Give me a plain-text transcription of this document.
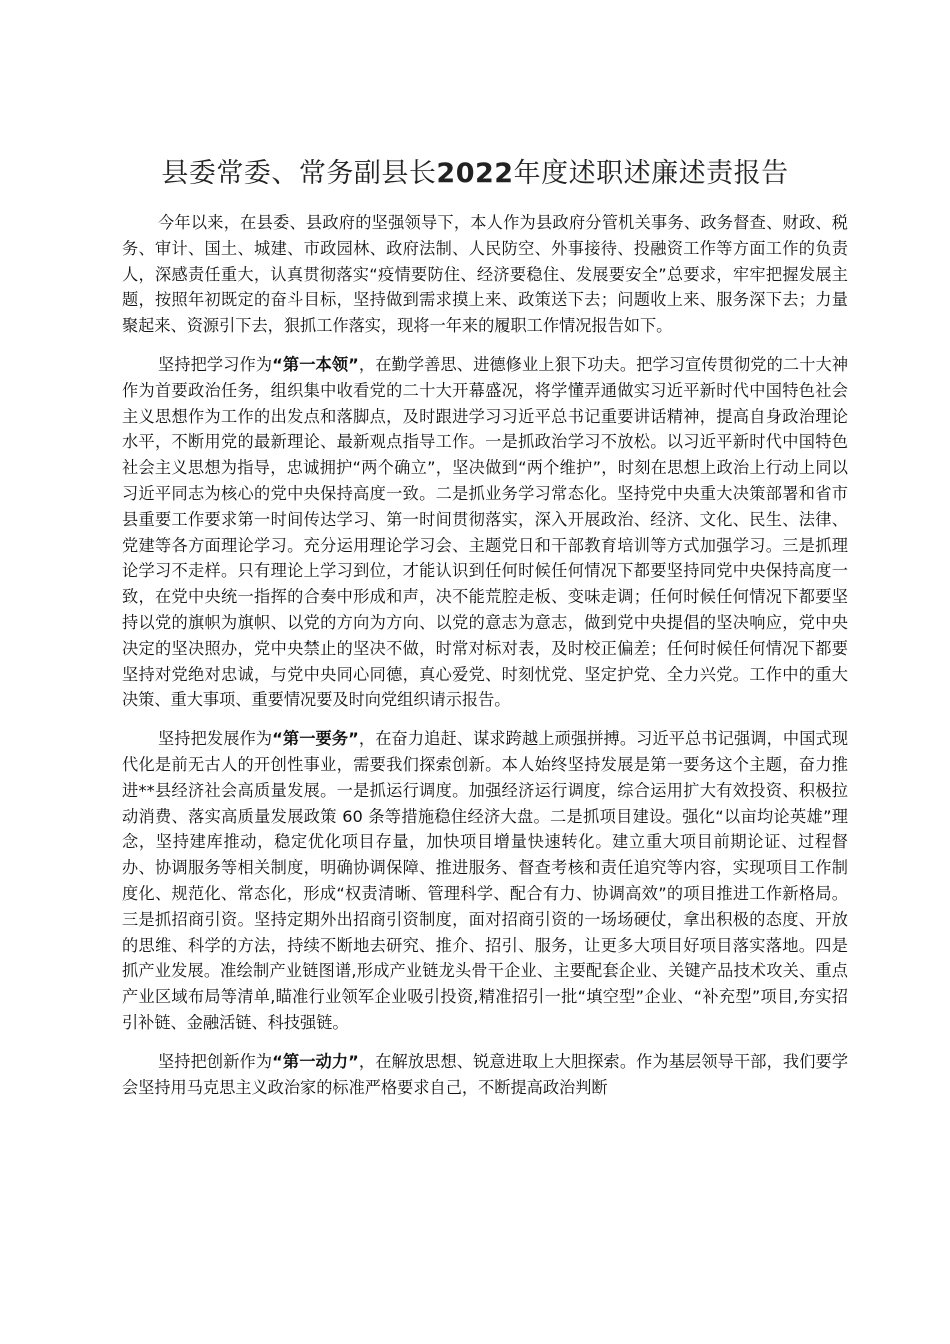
县委常委、常务副县长2022年度述职述廉述责报告

今年以来，在县委、县政府的坚强领导下，本人作为县政府分管机关事务、政务督查、财政、税务、审计、国土、城建、市政园林、政府法制、人民防空、外事接待、投融资工作等方面工作的负责人，深感责任重大，认真贯彻落实“疫情要防住、经济要稳住、发展要安全”总要求，牢牢把握发展主题，按照年初既定的奋斗目标，坚持做到需求摸上来、政策送下去；问题收上来、服务深下去；力量聚起来、资源引下去，狠抓工作落实，现将一年来的履职工作情况报告如下。

坚持把学习作为“第一本领”，在勤学善思、进德修业上狠下功夫。把学习宣传贯彻党的二十大神作为首要政治任务，组织集中收看党的二十大开幕盛况，将学懂弄通做实习近平新时代中国特色社会主义思想作为工作的出发点和落脚点，及时跟进学习习近平总书记重要讲话精神，提高自身政治理论水平，不断用党的最新理论、最新观点指导工作。一是抓政治学习不放松。以习近平新时代中国特色社会主义思想为指导，忠诚拥护“两个确立”，坚决做到“两个维护”，时刻在思想上政治上行动上同以习近平同志为核心的党中央保持高度一致。二是抓业务学习常态化。坚持党中央重大决策部署和省市县重要工作要求第一时间传达学习、第一时间贯彻落实，深入开展政治、经济、文化、民生、法律、党建等各方面理论学习。充分运用理论学习会、主题党日和干部教育培训等方式加强学习。三是抓理论学习不走样。只有理论上学习到位，才能认识到任何时候任何情况下都要坚持同党中央保持高度一致，在党中央统一指挥的合奏中形成和声，决不能荒腔走板、变味走调；任何时候任何情况下都要坚持以党的旗帜为旗帜、以党的方向为方向、以党的意志为意志，做到党中央提倡的坚决响应，党中央决定的坚决照办，党中央禁止的坚决不做，时常对标对表，及时校正偏差；任何时候任何情况下都要坚持对党绝对忠诚，与党中央同心同德，真心爱党、时刻忧党、坚定护党、全力兴党。工作中的重大决策、重大事项、重要情况要及时向党组织请示报告。

坚持把发展作为“第一要务”，在奋力追赶、谋求跨越上顽强拼搏。习近平总书记强调，中国式现代化是前无古人的开创性事业，需要我们探索创新。本人始终坚持发展是第一要务这个主题，奋力推进**县经济社会高质量发展。一是抓运行调度。加强经济运行调度，综合运用扩大有效投资、积极拉动消费、落实高质量发展政策 60 条等措施稳住经济大盘。二是抓项目建设。强化“以亩均论英雄”理念，坚持建库推动，稳定优化项目存量，加快项目增量快速转化。建立重大项目前期论证、过程督办、协调服务等相关制度，明确协调保障、推进服务、督查考核和责任追究等内容，实现项目工作制度化、规范化、常态化，形成“权责清晰、管理科学、配合有力、协调高效”的项目推进工作新格局。三是抓招商引资。坚持定期外出招商引资制度，面对招商引资的一场场硬仗，拿出积极的态度、开放的思维、科学的方法，持续不断地去研究、推介、招引、服务，让更多大项目好项目落实落地。四是抓产业发展。准绘制产业链图谱,形成产业链龙头骨干企业、主要配套企业、关键产品技术攻关、重点产业区域布局等清单,瞄准行业领军企业吸引投资,精准招引一批“填空型”企业、“补充型”项目,夯实招引补链、金融活链、科技强链。

坚持把创新作为“第一动力”，在解放思想、锐意进取上大胆探索。作为基层领导干部，我们要学会坚持用马克思主义政治家的标准严格要求自己，不断提高政治判断
